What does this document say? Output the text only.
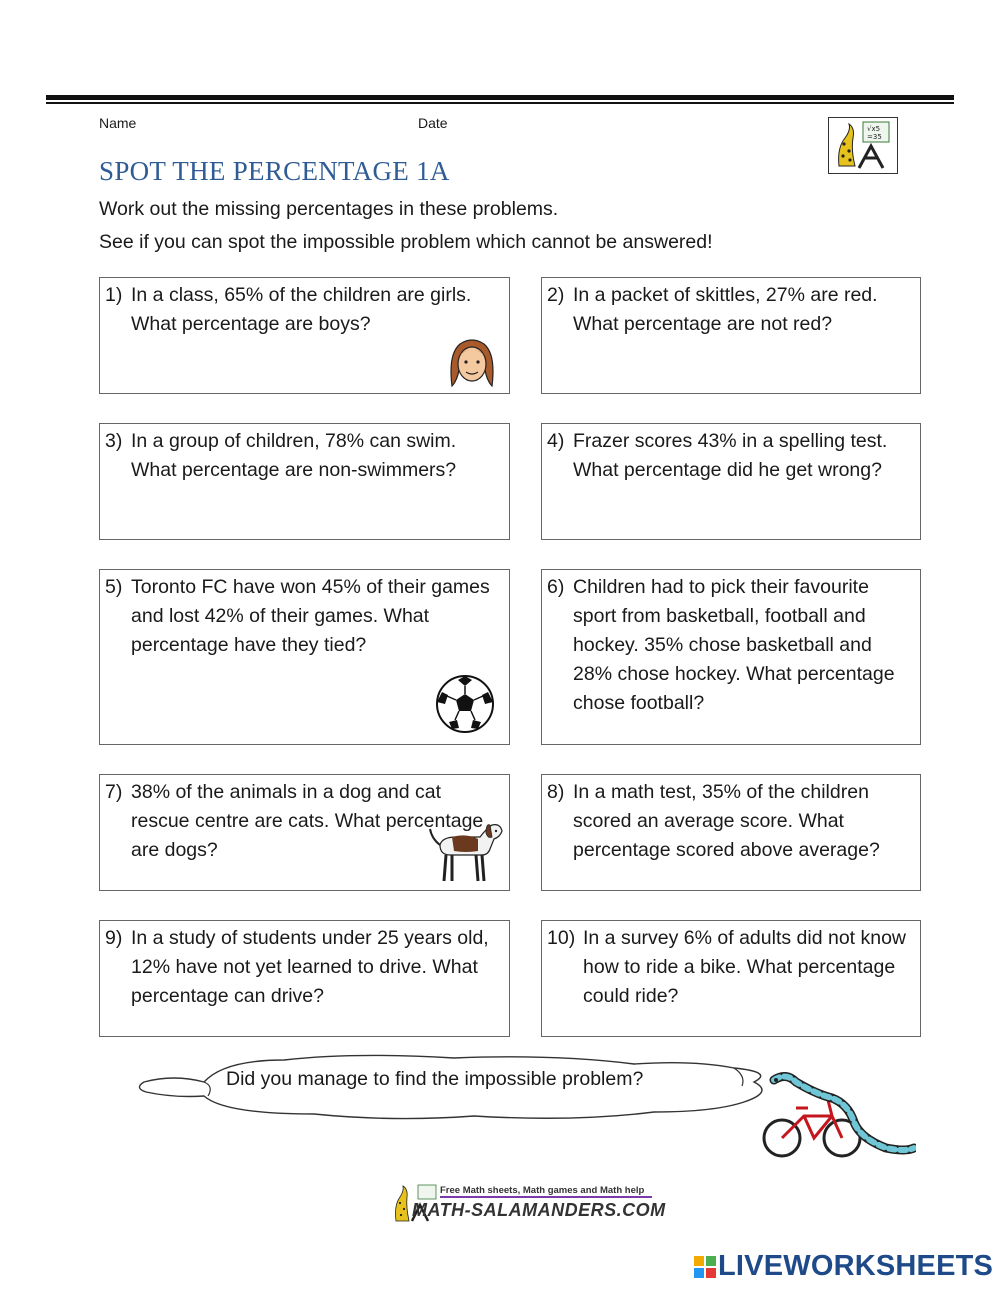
Name	Date	√x5
=35
SPOT THE PERCENTAGE 1A

Work out the missing percentages in these problems.

See if you can spot the impossible problem which cannot be answered!

1) In a class, 65% of the children are girls. What percentage are boys?

2) In a packet of skittles, 27% are red. What percentage are not red?

3) In a group of children, 78% can swim. What percentage are non-swimmers?

4) Frazer scores 43% in a spelling test. What percentage did he get wrong?

5) Toronto FC have won 45% of their games and lost 42% of their games. What percentage have they tied?

6) Children had to pick their favourite sport from basketball, football and hockey. 35% chose basketball and 28% chose hockey. What percentage chose football?

7) 38% of the animals in a dog and cat rescue centre are cats. What percentage are dogs?

8) In a math test, 35% of the children scored an average score. What percentage scored above average?

9) In a study of students under 25 years old, 12% have not yet learned to drive. What percentage can drive?

10) In a survey 6% of adults did not know how to ride a bike. What percentage could ride?

Did you manage to find the impossible problem?

Free Math sheets, Math games and Math help

MATH-SALAMANDERS.COM

LIVEWORKSHEETS
